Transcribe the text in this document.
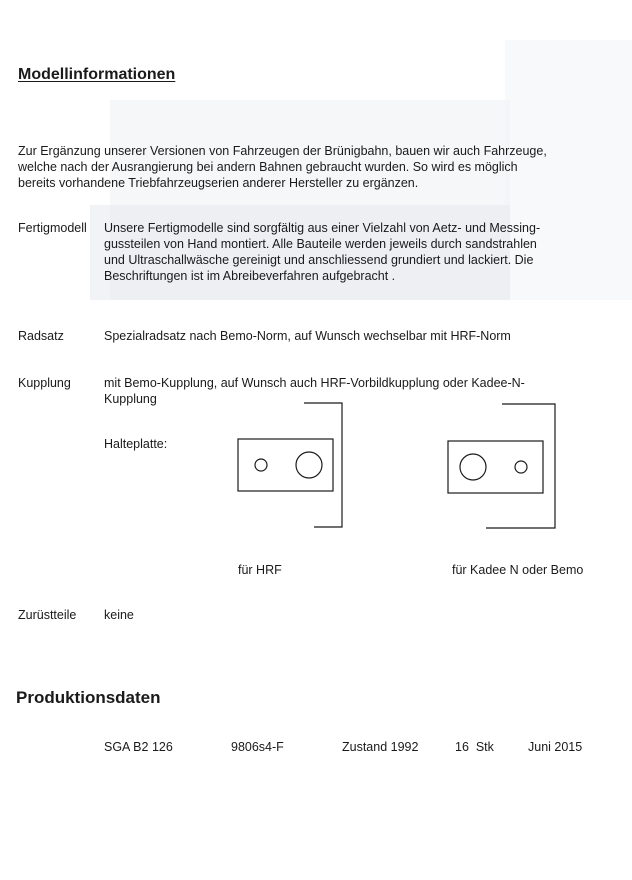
Modellinformationen
Zur Ergänzung unserer Versionen von Fahrzeugen der Brünigbahn, bauen wir auch Fahrzeuge,
welche nach der Ausrangierung bei andern Bahnen gebraucht wurden. So wird es möglich
bereits vorhandene Triebfahrzeugserien anderer Hersteller zu ergänzen.
Fertigmodell Unsere Fertigmodelle sind sorgfältig aus einer Vielzahl von Aetz- und Messing-
gussteilen von Hand montiert. Alle Bauteile werden jeweils durch sandstrahlen
und Ultraschallwäsche gereinigt und anschliessend grundiert und lackiert. Die
Beschriftungen ist im Abreibeverfahren aufgebracht .
Radsatz	Spezialradsatz nach Bemo-Norm, auf Wunsch wechselbar mit HRF-Norm
Kupplung	mit Bemo-Kupplung, auf Wunsch auch HRF-Vorbildkupplung oder Kadee-N-
Kupplung
Halteplatte:
für HRF	für Kadee N oder Bemo
Zurüstteile keine
Produktionsdaten
SGA B2 126	9806s4-F	Zustand 1992	16  Stk	Juni 2015
